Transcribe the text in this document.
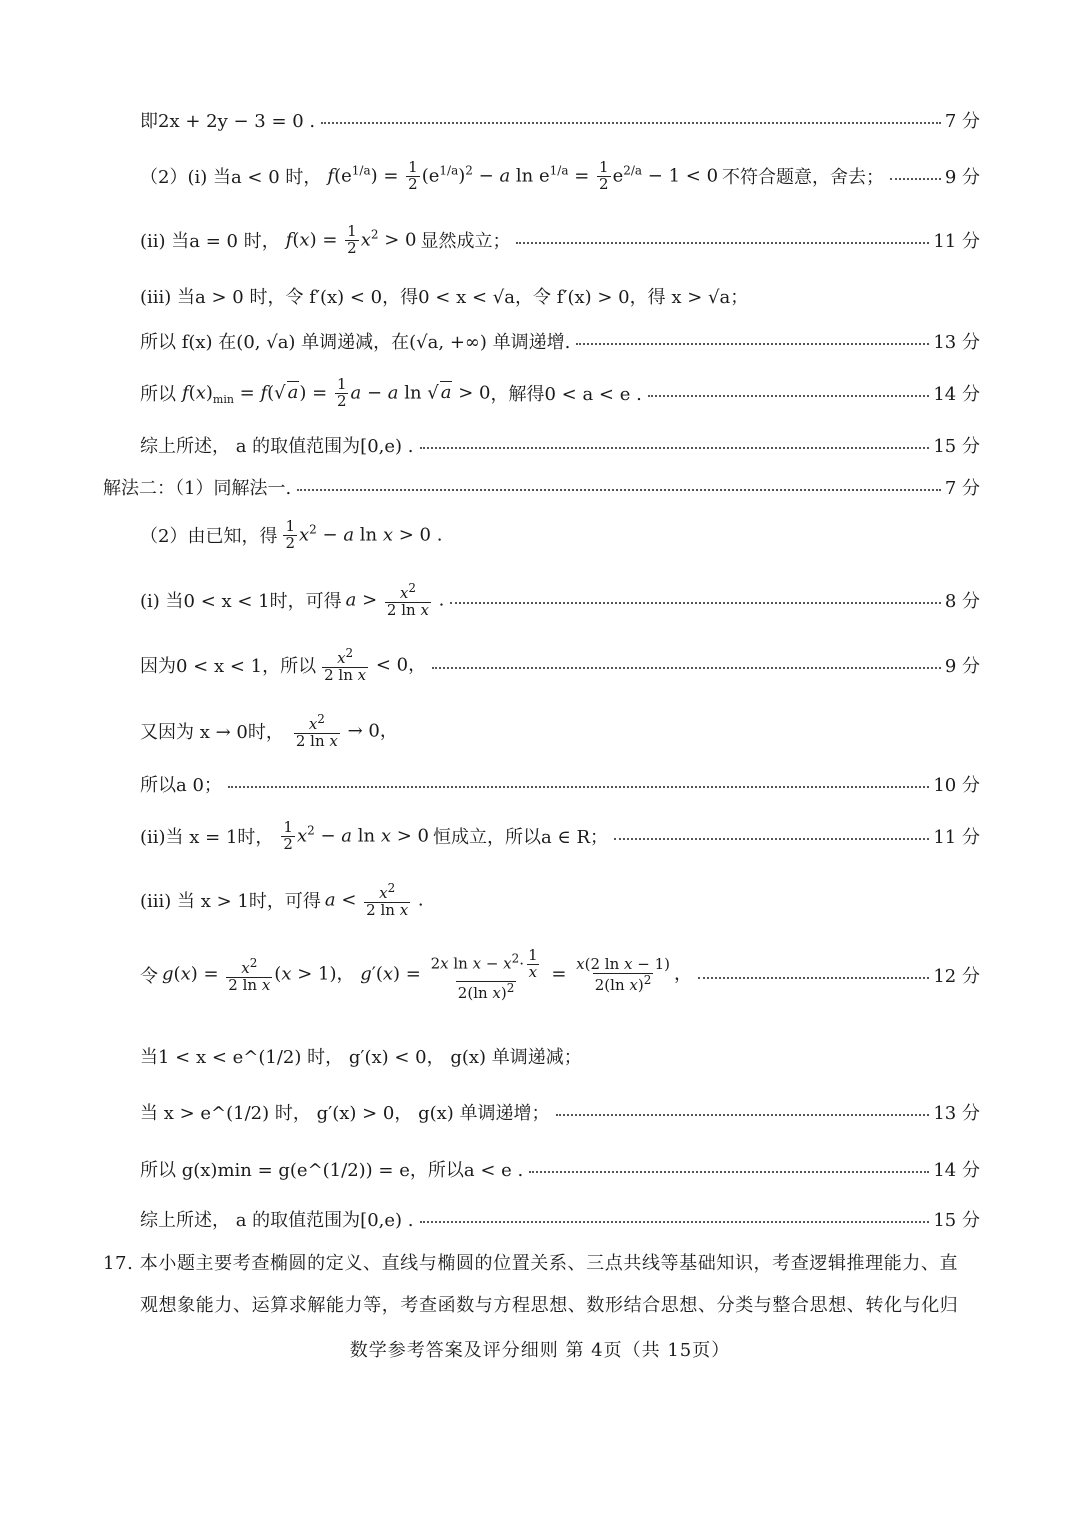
即2x + 2y − 3 = 0 .	7 分
（2）(i) 当a < 0 时， $f(e^{1/a}) = \frac{1}{2} (e^{1/a})^2 - a$ $\ln e^{1/a} = \frac{1}{2} e^{2/a} - 1 < 0$ 不符合题意，舍去；	9 分
(ii) 当a = 0 时， $f(x) = \frac{1}{2} x^2 > 0$ 显然成立；	11 分
(iii) 当a > 0 时，令 f′(x) < 0，得0 < x < √a，令 f′(x) > 0，得 x > √a；
所以 f(x) 在(0, √a) 单调递减，在(√a, +∞) 单调递增.	13 分
所以 $f(x)_{min} = f(√$ $a) = \frac{1}{2}$ a − a ln √ a > 0 ，解得0 < a < e .	14 分
综上所述， a 的取值范围为[0,e) .	15 分
解法二：（1）同解法一.	7 分
（2）由已知，得 $\frac{1}{2} x^2 - a$ ln x > 0 .
(i) 当0 < x < 1时，可得 $a > \frac{x^2}{\text{2 ln x}}$ .	8 分
因为0 < x < 1，所以 $\frac{x^2}{\text{2 ln x}} < 0$，	9 分
又因为 x → 0时， $\frac{x^2}{\text{2 ln x}} \to 0$，
所以a 0；	10 分
(ii)当 x = 1时， $\frac{1}{2} x^2 - a$ ln x > 0 恒成立，所以a ∈ R；	11 分
(iii) 当 x > 1时，可得 $a < \frac{x^2}{\text{2 ln x}}$ .
令 $g(x) = \frac{x^2}{\text{2 ln x}} (x > 1)$， $g'(x) = \frac{2x \ln x - x^2\cdot \frac{1}{x}}{2(\ln x)^2} = \frac{\text{x(2 ln x − 1)}}{2(\ln x)^2}$ ，	12 分
当1 < x < e^(1/2) 时， g′(x) < 0， g(x) 单调递减；
当 x > e^(1/2) 时， g′(x) > 0， g(x) 单调递增；	13 分
所以 g(x)min = g(e^(1/2)) = e，所以a < e .	14 分
综上所述， a 的取值范围为[0,e) .	15 分
17. 本小题主要考查椭圆的定义、直线与椭圆的位置关系、三点共线等基础知识，考查逻辑推理能力、直
观想象能力、运算求解能力等，考查函数与方程思想、数形结合思想、分类与整合思想、转化与化归
数学参考答案及评分细则 第 4页（共 15页）
